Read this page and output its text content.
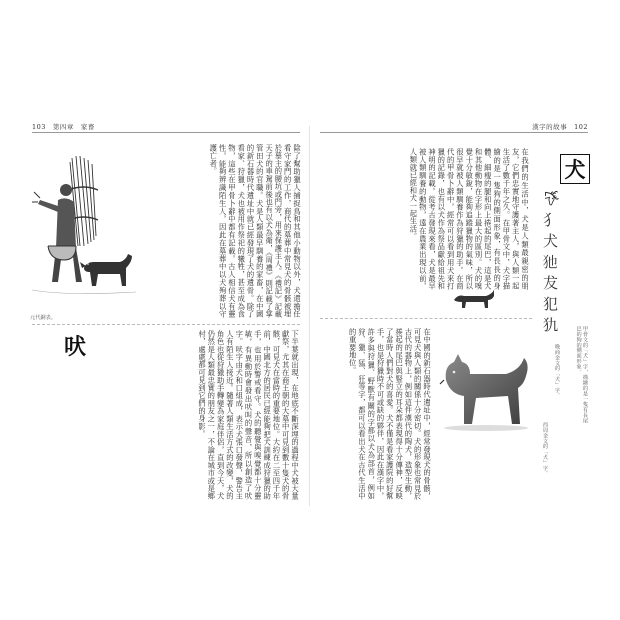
103　第四章　家畜
元代銅表。	除了幫助獵人捕捉鳥和其他小動物以外，犬還擔任看守家門的工作，商代的墓葬中常見犬的骨骸被埋於墓主的腰坑或門旁，用來保護主人。《禮記》記載天子的車駕前後也有以犬為衛，《周禮》則記載了掌管田犬的官職。犬是人類最早馴養的家畜，在中國的新石器時代遺址中就已經發現了犬的遺骨。除了看家、狩獵，犬也被用作祭祀的犧牲，甚至成為食物，這些在甲骨卜辭中都有記載。古人相信犬有靈性，能夠辨識陌生人，因此在墓葬中以犬殉葬以守護亡者。
吠	下半葉就出現，在地底不斷深埋的過程中犬被大量獻祭，尤其在商王朝的大墓中可見到數十隻犬的骨骸，可見犬在當時的重要地位。大約在二至四千年前，中國北方的居民已經能夠把犬訓練成狩獵的助手，也用於警戒看守。犬的聽覺與嗅覺都十分靈敏，有異動時會發出吠叫的聲音，所以創造了吠字。吠字由犬和口組成，表示犬張口發聲，警告主人有陌生人接近。隨著人類生活方式的改變，犬的角色也從狩獵助手轉變為家庭伴侶，直到今天，犬仍然是人類最忠實的朋友之一，不論在城市或是鄉村，處處都可見到它們的身影。
漢字的故事　102
犬
𐂂犭犬𤜣犮犯犰
甲骨文的「犬」字，描繪的是一隻有長尾巴的狗的側面形象。
晚商金文的「犬」字。
西周金文的「犬」字。
在我們的生活中，犬是人類最親密的朋友，它們忠實地守護著主人，與人類一起生活了數千年之久。在甲骨文中，犬字描繪的是一隻狗的側面形象，有長長的身體、細瘦的腿和向上捲起的尾巴，這是犬和其他動物在字形上最大的區別。犬的嗅覺十分敏銳，能夠追蹤獵物的氣味，所以很早就被人類馴養作為狩獵的助手。在商代的甲骨卜辭中，經常可以看到用犬來打獵的記錄，也有以犬作為祭品獻給祖先和神明的記載。從考古發現來看，犬是最早被人類馴養的動物，遠在農業出現以前，人類就已經和犬一起生活。
在中國的新石器時代遺址中，經常發現犬的骨骸，可見犬與人類的關係十分密切。犬的形象也常見於古代的器物上，例如這件漢代的陶犬，造型生動，捲起的尾巴與豎立的耳朵都表現得十分傳神，反映了當時人們對犬的喜愛。犬不僅是看家護院的好幫手，也是狩獵時不可或缺的夥伴，因此在漢字中，許多與狩獵、野獸有關的字都以犬為部首，例如狩、獵、猛、狂等字，都可以看出犬在古代生活中的重要地位。
